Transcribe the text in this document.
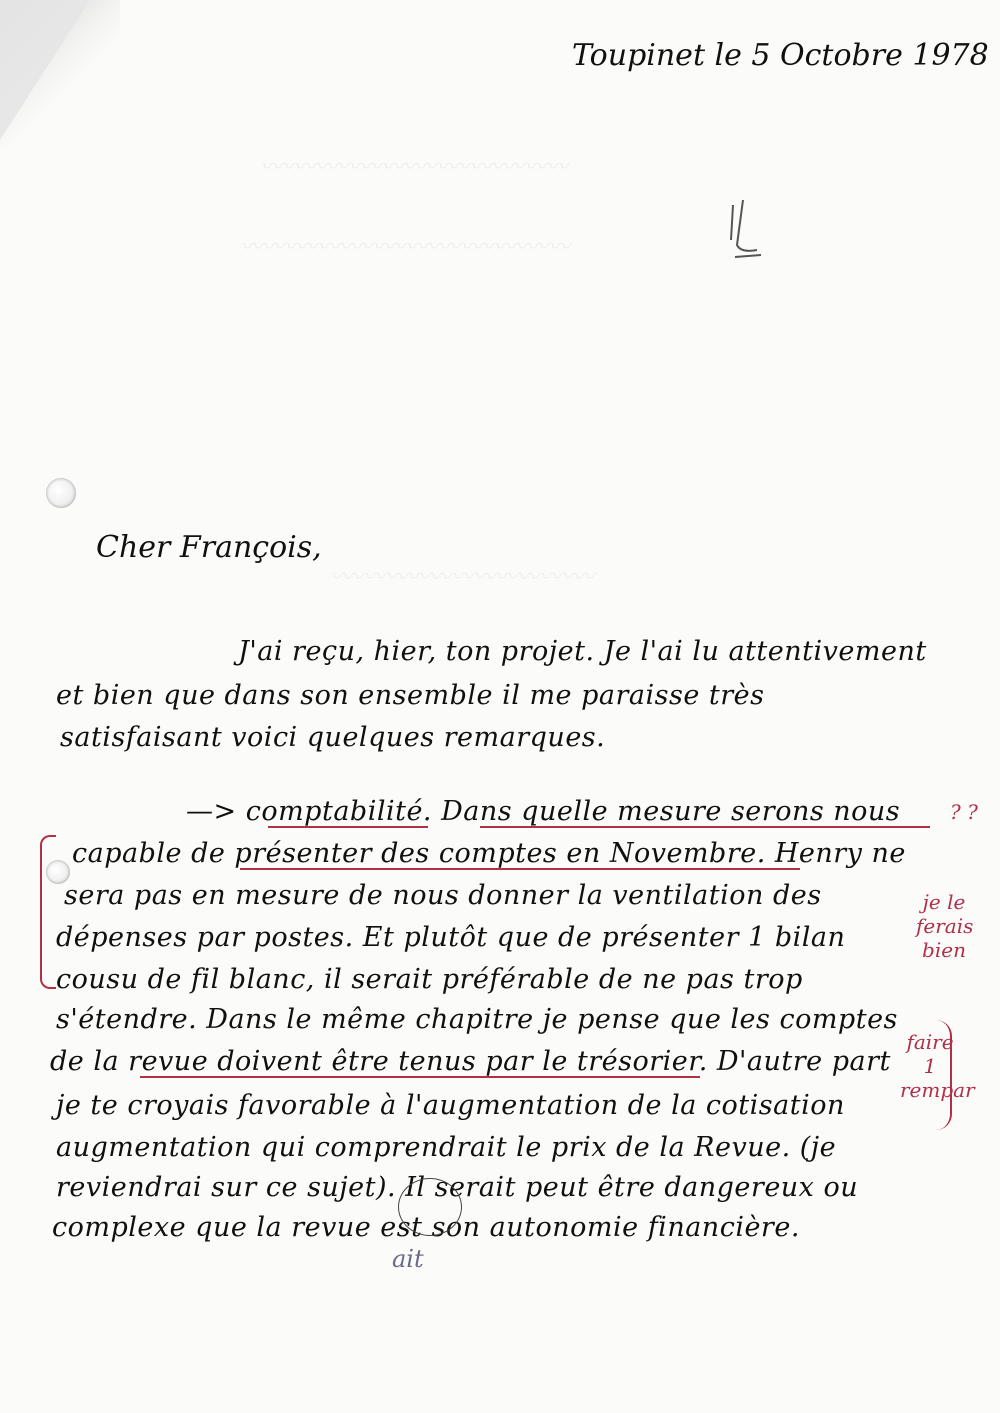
〰〰〰〰〰〰〰〰〰〰〰〰〰〰
〰〰〰〰〰〰〰〰〰〰〰〰〰〰〰
〰〰〰〰〰〰〰〰〰〰〰〰
Toupinet le 5 Octobre 1978
Cher François,
J'ai reçu, hier, ton projet. Je l'ai lu attentivement
et bien que dans son ensemble il me paraisse très
satisfaisant voici quelques remarques.
—> comptabilité. Dans quelle mesure serons nous
capable de présenter des comptes en Novembre. Henry ne
sera pas en mesure de nous donner la ventilation des
dépenses par postes. Et plutôt que de présenter 1 bilan
cousu de fil blanc, il serait préférable de ne pas trop
s'étendre. Dans le même chapitre je pense que les comptes
de la revue doivent être tenus par le trésorier. D'autre part
je te croyais favorable à l'augmentation de la cotisation
augmentation qui comprendrait le prix de la Revue. (je
reviendrai sur ce sujet). Il serait peut être dangereux ou
complexe que la revue est son autonomie financière.
ait
? ?
je le
ferais
bien
faire
1
rempar
